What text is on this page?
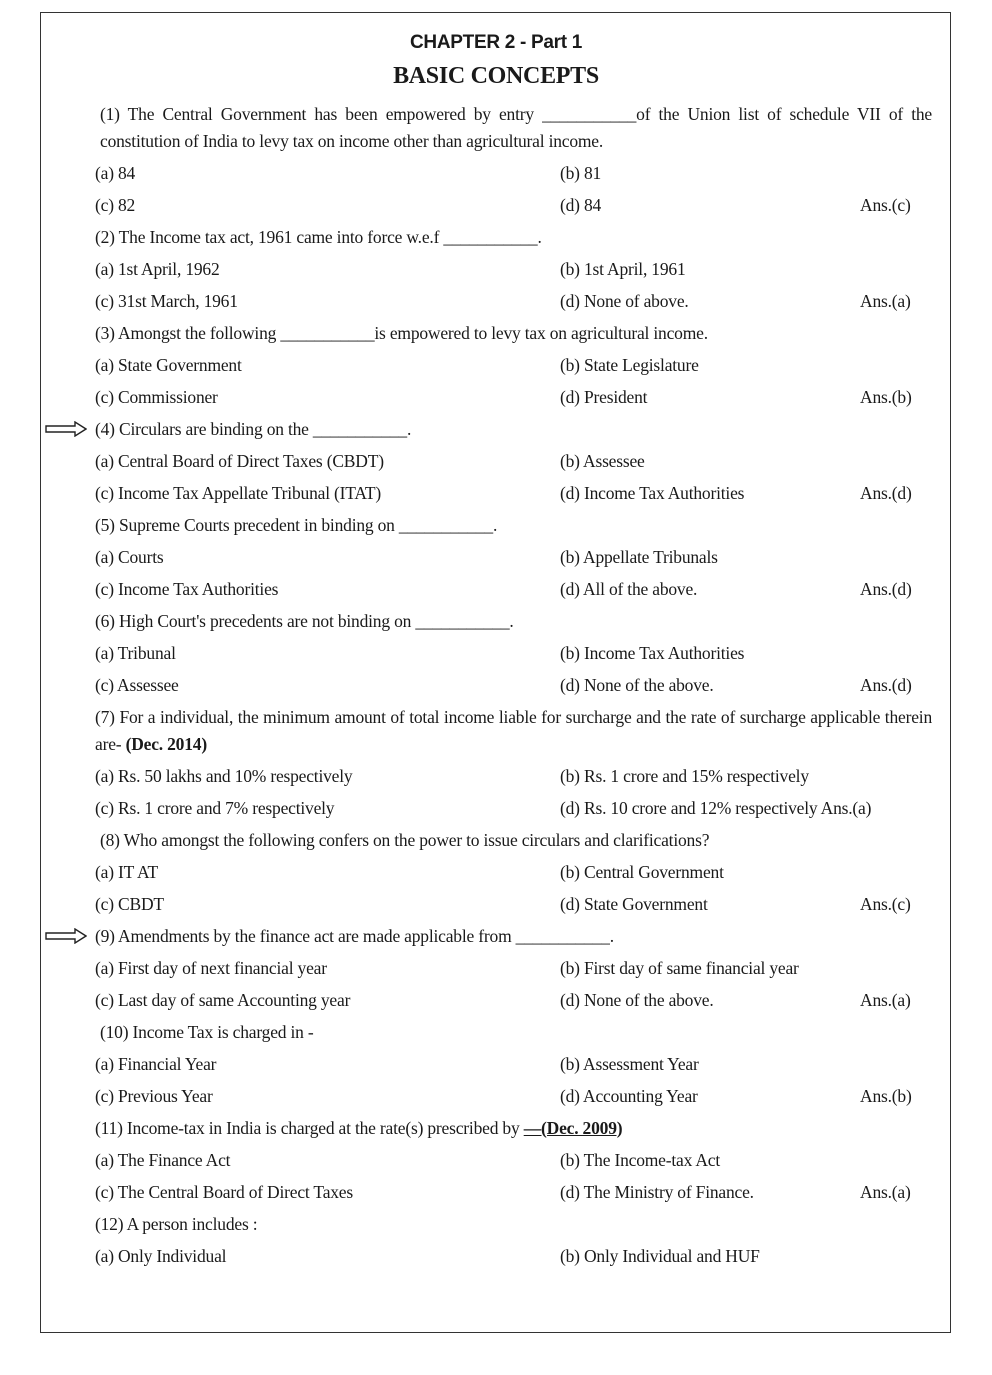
CHAPTER 2 - Part 1
BASIC CONCEPTS
(1) The Central Government has been empowered by entry ___________of the Union list of schedule VII of the constitution of India to levy tax on income other than agricultural income.
(a) 84	(b) 81
(c) 82	(d) 84	Ans.(c)
(2) The Income tax act, 1961 came into force w.e.f ___________.
(a) 1st April, 1962	(b) 1st April, 1961
(c) 31st March, 1961	(d) None of above.	Ans.(a)
(3) Amongst the following ___________is empowered to levy tax on agricultural income.
(a) State Government	(b) State Legislature
(c) Commissioner	(d) President	Ans.(b)
(4) Circulars are binding on the ___________.
(a) Central Board of Direct Taxes (CBDT)	(b) Assessee
(c) Income Tax Appellate Tribunal (ITAT)	(d) Income Tax Authorities	Ans.(d)
(5) Supreme Courts precedent in binding on ___________.
(a) Courts	(b) Appellate Tribunals
(c) Income Tax Authorities	(d) All of the above.	Ans.(d)
(6) High Court's precedents are not binding on ___________.
(a) Tribunal	(b) Income Tax Authorities
(c) Assessee	(d) None of the above.	Ans.(d)
(7) For a individual, the minimum amount of total income liable for surcharge and the rate of surcharge applicable therein are- (Dec. 2014)
(a) Rs. 50 lakhs and 10% respectively	(b) Rs. 1 crore and 15% respectively
(c) Rs. 1 crore and 7% respectively	(d) Rs. 10 crore and 12% respectively Ans.(a)
(8) Who amongst the following confers on the power to issue circulars and clarifications?
(a) IT AT	(b) Central Government
(c) CBDT	(d) State Government	Ans.(c)
(9) Amendments by the finance act are made applicable from ___________.
(a) First day of next financial year	(b) First day of same financial year
(c) Last day of same Accounting year	(d) None of the above.	Ans.(a)
(10) Income Tax is charged in -
(a) Financial Year	(b) Assessment Year
(c) Previous Year	(d) Accounting Year	Ans.(b)
(11) Income-tax in India is charged at the rate(s) prescribed by —(Dec. 2009)
(a) The Finance Act	(b) The Income-tax Act
(c) The Central Board of Direct Taxes	(d) The Ministry of Finance.	Ans.(a)
(12) A person includes :
(a) Only Individual	(b) Only Individual and HUF
